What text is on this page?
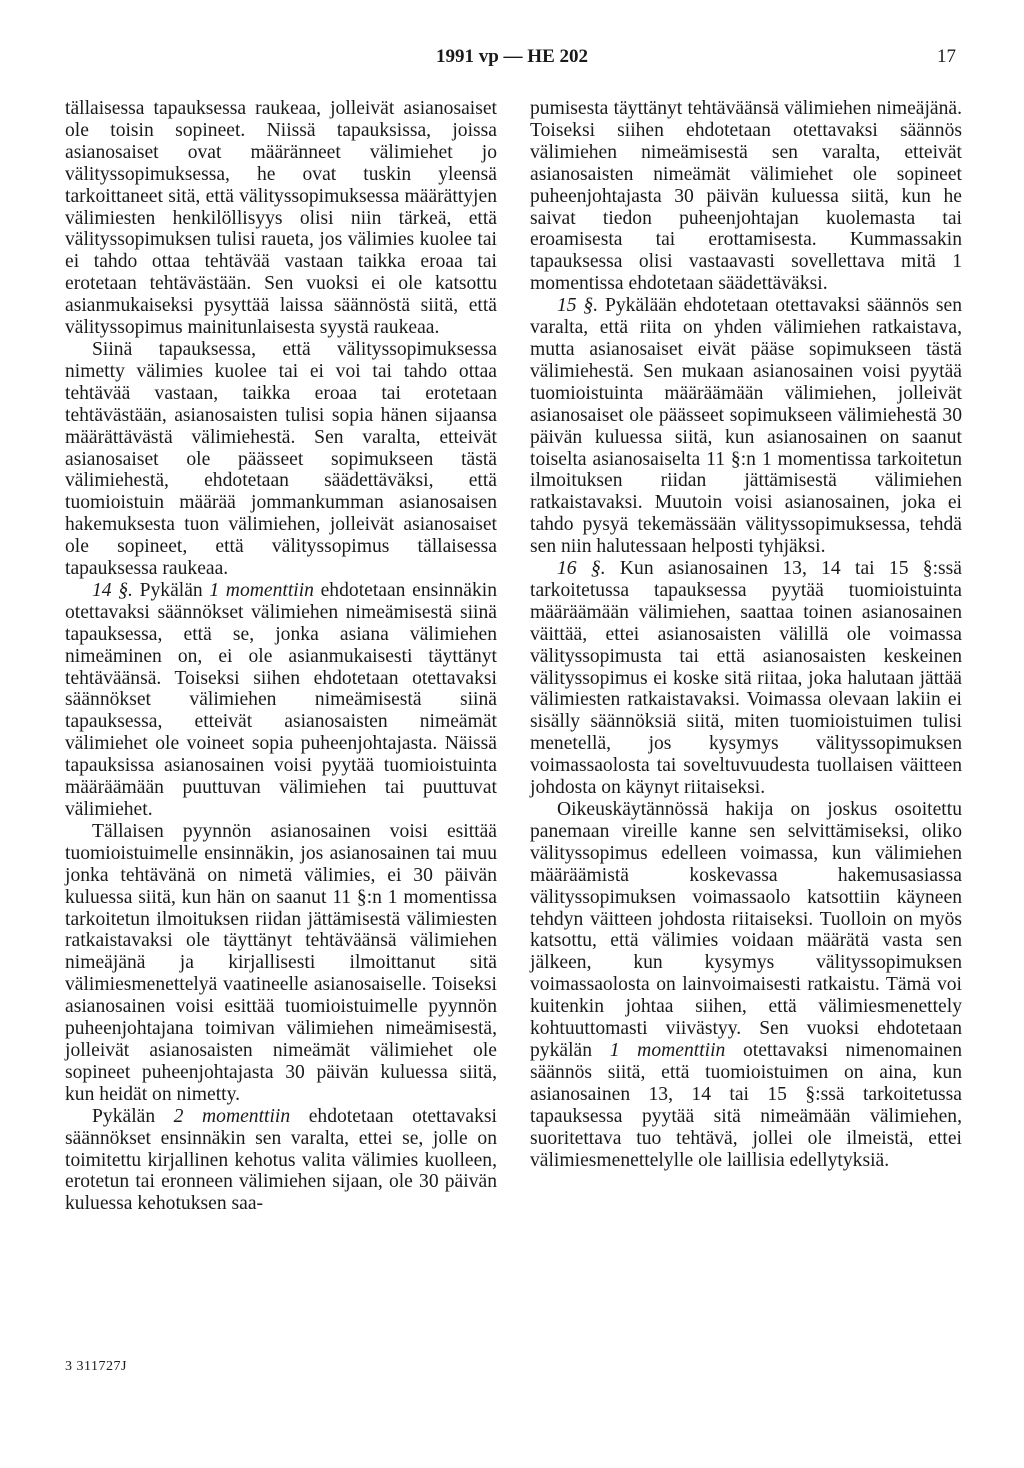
1991 vp — HE 202	17

tällaisessa tapauksessa raukeaa, jolleivät asianosaiset ole toisin sopineet. Niissä tapauksissa, joissa asianosaiset ovat määränneet välimiehet jo välityssopimuksessa, he ovat tuskin yleensä tarkoittaneet sitä, että välityssopimuksessa määrättyjen välimiesten henkilöllisyys olisi niin tärkeä, että välityssopimuksen tulisi raueta, jos välimies kuolee tai ei tahdo ottaa tehtävää vastaan taikka eroaa tai erotetaan tehtävästään. Sen vuoksi ei ole katsottu asianmukaiseksi pysyttää laissa säännöstä siitä, että välityssopimus mainitunlaisesta syystä raukeaa.

Siinä tapauksessa, että välityssopimuksessa nimetty välimies kuolee tai ei voi tai tahdo ottaa tehtävää vastaan, taikka eroaa tai erotetaan tehtävästään, asianosaisten tulisi sopia hänen sijaansa määrättävästä välimiehestä. Sen varalta, etteivät asianosaiset ole päässeet sopimukseen tästä välimiehestä, ehdotetaan säädettäväksi, että tuomioistuin määrää jommankumman asianosaisen hakemuksesta tuon välimiehen, jolleivät asianosaiset ole sopineet, että välityssopimus tällaisessa tapauksessa raukeaa.

14 §. Pykälän 1 momenttiin ehdotetaan ensinnäkin otettavaksi säännökset välimiehen nimeämisestä siinä tapauksessa, että se, jonka asiana välimiehen nimeäminen on, ei ole asianmukaisesti täyttänyt tehtäväänsä. Toiseksi siihen ehdotetaan otettavaksi säännökset välimiehen nimeämisestä siinä tapauksessa, etteivät asianosaisten nimeämät välimiehet ole voineet sopia puheenjohtajasta. Näissä tapauksissa asianosainen voisi pyytää tuomioistuinta määräämään puuttuvan välimiehen tai puuttuvat välimiehet.

Tällaisen pyynnön asianosainen voisi esittää tuomioistuimelle ensinnäkin, jos asianosainen tai muu jonka tehtävänä on nimetä välimies, ei 30 päivän kuluessa siitä, kun hän on saanut 11 §:n 1 momentissa tarkoitetun ilmoituksen riidan jättämisestä välimiesten ratkaistavaksi ole täyttänyt tehtäväänsä välimiehen nimeäjänä ja kirjallisesti ilmoittanut sitä välimiesmenettelyä vaatineelle asianosaiselle. Toiseksi asianosainen voisi esittää tuomioistuimelle pyynnön puheenjohtajana toimivan välimiehen nimeämisestä, jolleivät asianosaisten nimeämät välimiehet ole sopineet puheenjohtajasta 30 päivän kuluessa siitä, kun heidät on nimetty.

Pykälän 2 momenttiin ehdotetaan otettavaksi säännökset ensinnäkin sen varalta, ettei se, jolle on toimitettu kirjallinen kehotus valita välimies kuolleen, erotetun tai eronneen välimiehen sijaan, ole 30 päivän kuluessa kehotuksen saa-

pumisesta täyttänyt tehtäväänsä välimiehen nimeäjänä. Toiseksi siihen ehdotetaan otettavaksi säännös välimiehen nimeämisestä sen varalta, etteivät asianosaisten nimeämät välimiehet ole sopineet puheenjohtajasta 30 päivän kuluessa siitä, kun he saivat tiedon puheenjohtajan kuolemasta tai eroamisesta tai erottamisesta. Kummassakin tapauksessa olisi vastaavasti sovellettava mitä 1 momentissa ehdotetaan säädettäväksi.

15 §. Pykälään ehdotetaan otettavaksi säännös sen varalta, että riita on yhden välimiehen ratkaistava, mutta asianosaiset eivät pääse sopimukseen tästä välimiehestä. Sen mukaan asianosainen voisi pyytää tuomioistuinta määräämään välimiehen, jolleivät asianosaiset ole päässeet sopimukseen välimiehestä 30 päivän kuluessa siitä, kun asianosainen on saanut toiselta asianosaiselta 11 §:n 1 momentissa tarkoitetun ilmoituksen riidan jättämisestä välimiehen ratkaistavaksi. Muutoin voisi asianosainen, joka ei tahdo pysyä tekemässään välityssopimuksessa, tehdä sen niin halutessaan helposti tyhjäksi.

16 §. Kun asianosainen 13, 14 tai 15 §:ssä tarkoitetussa tapauksessa pyytää tuomioistuinta määräämään välimiehen, saattaa toinen asianosainen väittää, ettei asianosaisten välillä ole voimassa välityssopimusta tai että asianosaisten keskeinen välityssopimus ei koske sitä riitaa, joka halutaan jättää välimiesten ratkaistavaksi. Voimassa olevaan lakiin ei sisälly säännöksiä siitä, miten tuomioistuimen tulisi menetellä, jos kysymys välityssopimuksen voimassaolosta tai soveltuvuudesta tuollaisen väitteen johdosta on käynyt riitaiseksi.

Oikeuskäytännössä hakija on joskus osoitettu panemaan vireille kanne sen selvittämiseksi, oliko välityssopimus edelleen voimassa, kun välimiehen määräämistä koskevassa hakemusasiassa välityssopimuksen voimassaolo katsottiin käyneen tehdyn väitteen johdosta riitaiseksi. Tuolloin on myös katsottu, että välimies voidaan määrätä vasta sen jälkeen, kun kysymys välityssopimuksen voimassaolosta on lainvoimaisesti ratkaistu. Tämä voi kuitenkin johtaa siihen, että välimiesmenettely kohtuuttomasti viivästyy. Sen vuoksi ehdotetaan pykälän 1 momenttiin otettavaksi nimenomainen säännös siitä, että tuomioistuimen on aina, kun asianosainen 13, 14 tai 15 §:ssä tarkoitetussa tapauksessa pyytää sitä nimeämään välimiehen, suoritettava tuo tehtävä, jollei ole ilmeistä, ettei välimiesmenettelylle ole laillisia edellytyksiä.

3 311727J
